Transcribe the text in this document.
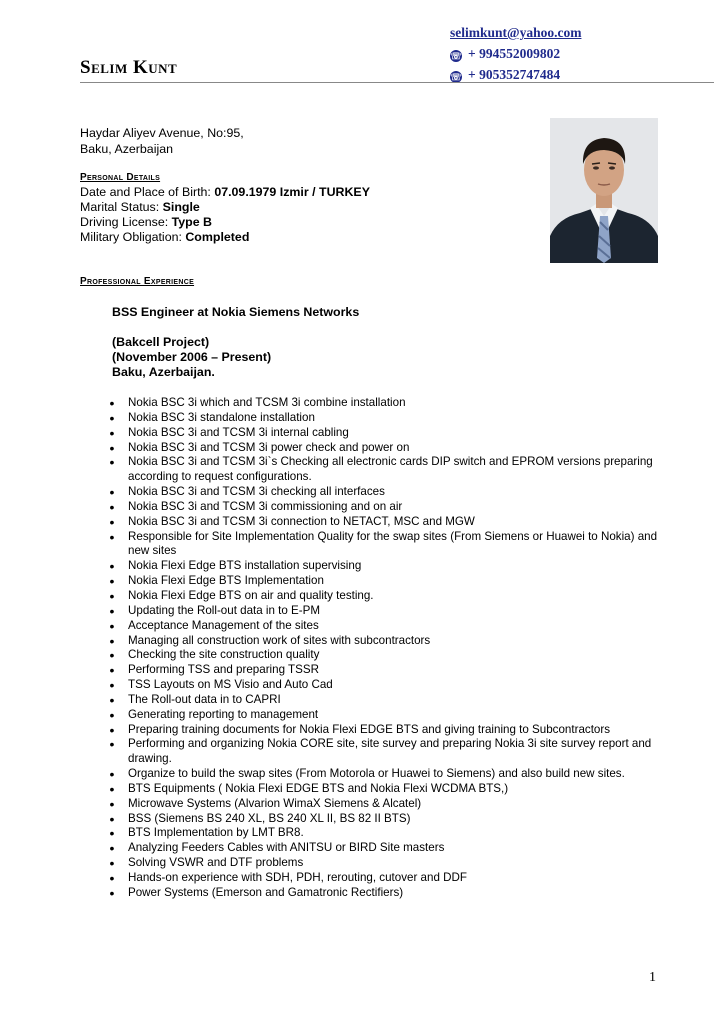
Selim Kunt
selimkunt@yahoo.com
☏ + 994552009802
☏ + 905352747484
Haydar Aliyev Avenue, No:95,
Baku, Azerbaijan
Personal Details
Date and Place of Birth: 07.09.1979 Izmir / TURKEY
Marital Status: Single
Driving License: Type B
Military Obligation: Completed
Professional Experience
BSS Engineer at Nokia Siemens Networks
(Bakcell Project)
(November 2006 – Present)
Baku, Azerbaijan.
• Nokia BSC 3i which and TCSM 3i combine installation
• Nokia BSC 3i standalone installation
• Nokia BSC 3i and TCSM 3i internal cabling
• Nokia BSC 3i and TCSM 3i power check and power on
• Nokia BSC 3i and TCSM 3i`s Checking all electronic cards DIP switch and EPROM versions preparing according to request configurations.
• Nokia BSC 3i and TCSM 3i checking all interfaces
• Nokia BSC 3i and TCSM 3i commissioning and on air
• Nokia BSC 3i and TCSM 3i connection to NETACT, MSC and MGW
• Responsible for Site Implementation Quality for the swap sites (From Siemens or Huawei to Nokia) and new sites
• Nokia Flexi Edge BTS installation supervising
• Nokia Flexi Edge BTS Implementation
• Nokia Flexi Edge BTS on air and quality testing.
• Updating the Roll-out data in to E-PM
• Acceptance Management of the sites
• Managing all construction work of sites with subcontractors
• Checking the site construction quality
• Performing TSS and preparing TSSR
• TSS Layouts on MS Visio and Auto Cad
• The Roll-out data in to CAPRI
• Generating reporting to management
• Preparing training documents for Nokia Flexi EDGE BTS and giving training to Subcontractors
• Performing and organizing Nokia CORE site, site survey and preparing Nokia 3i site survey report and drawing.
• Organize to build the swap sites (From Motorola or Huawei to Siemens) and also build new sites.
• BTS Equipments ( Nokia Flexi EDGE BTS and Nokia Flexi WCDMA BTS,)
• Microwave Systems (Alvarion WimaX Siemens & Alcatel)
• BSS (Siemens BS 240 XL, BS 240 XL II, BS 82 II BTS)
• BTS Implementation by LMT BR8.
• Analyzing Feeders Cables with ANITSU or BIRD Site masters
• Solving VSWR and DTF problems
• Hands-on experience with SDH, PDH, rerouting, cutover and DDF
• Power Systems (Emerson and Gamatronic Rectifiers)
1
